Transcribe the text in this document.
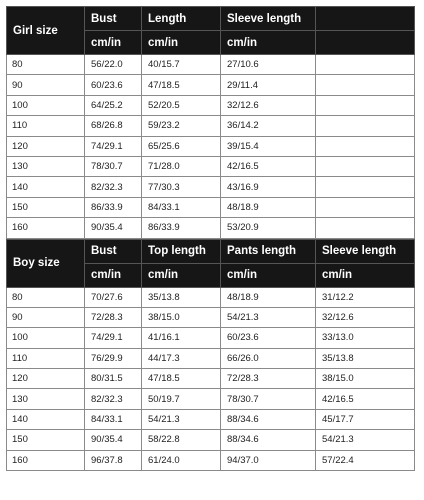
Girl size	Bust	Length	Sleeve length	
	cm/in	cm/in	cm/in	
80	56/22.0	40/15.7	27/10.6	
90	60/23.6	47/18.5	29/11.4	
100	64/25.2	52/20.5	32/12.6	
110	68/26.8	59/23.2	36/14.2	
120	74/29.1	65/25.6	39/15.4	
130	78/30.7	71/28.0	42/16.5	
140	82/32.3	77/30.3	43/16.9	
150	86/33.9	84/33.1	48/18.9	
160	90/35.4	86/33.9	53/20.9	
Boy size	Bust	Top length	Pants length	Sleeve length
	cm/in	cm/in	cm/in	cm/in
80	70/27.6	35/13.8	48/18.9	31/12.2
90	72/28.3	38/15.0	54/21.3	32/12.6
100	74/29.1	41/16.1	60/23.6	33/13.0
110	76/29.9	44/17.3	66/26.0	35/13.8
120	80/31.5	47/18.5	72/28.3	38/15.0
130	82/32.3	50/19.7	78/30.7	42/16.5
140	84/33.1	54/21.3	88/34.6	45/17.7
150	90/35.4	58/22.8	88/34.6	54/21.3
160	96/37.8	61/24.0	94/37.0	57/22.4
